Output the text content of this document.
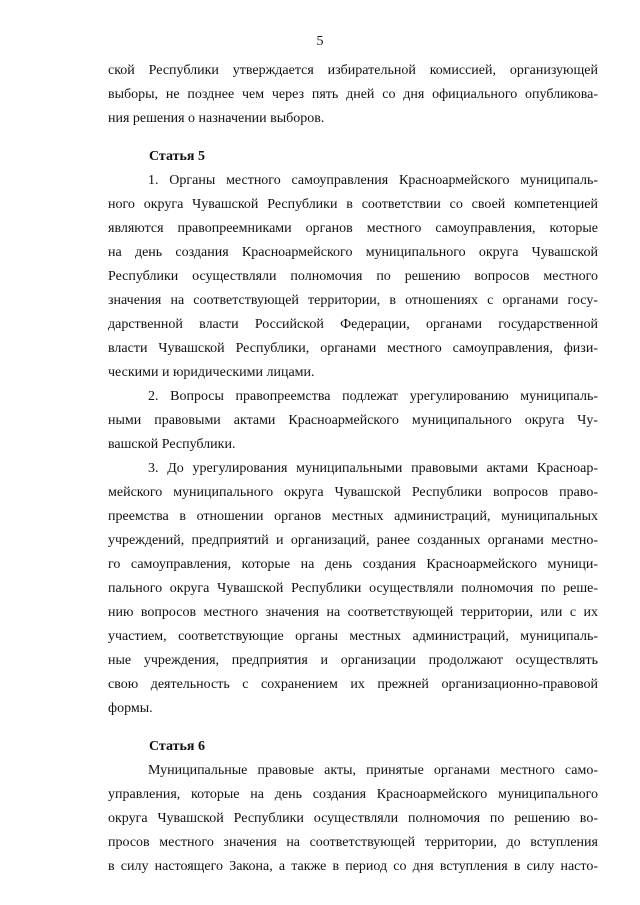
5
ской Республики утверждается избирательной комиссией, организующей
выборы, не позднее чем через пять дней со дня официального опубликова-
ния решения о назначении выборов.
Статья 5
1. Органы местного самоуправления Красноармейского муниципаль-
ного округа Чувашской Республики в соответствии со своей компетенцией
являются правопреемниками органов местного самоуправления, которые
на день создания Красноармейского муниципального округа Чувашской
Республики осуществляли полномочия по решению вопросов местного
значения на соответствующей территории, в отношениях с органами госу-
дарственной власти Российской Федерации, органами государственной
власти Чувашской Республики, органами местного самоуправления, физи-
ческими и юридическими лицами.
2. Вопросы правопреемства подлежат урегулированию муниципаль-
ными правовыми актами Красноармейского муниципального округа Чу-
вашской Республики.
3. До урегулирования муниципальными правовыми актами Красноар-
мейского муниципального округа Чувашской Республики вопросов право-
преемства в отношении органов местных администраций, муниципальных
учреждений, предприятий и организаций, ранее созданных органами местно-
го самоуправления, которые на день создания Красноармейского муници-
пального округа Чувашской Республики осуществляли полномочия по реше-
нию вопросов местного значения на соответствующей территории, или с их
участием, соответствующие органы местных администраций, муниципаль-
ные учреждения, предприятия и организации продолжают осуществлять
свою деятельность с сохранением их прежней организационно-правовой
формы.
Статья 6
Муниципальные правовые акты, принятые органами местного само-
управления, которые на день создания Красноармейского муниципального
округа Чувашской Республики осуществляли полномочия по решению во-
просов местного значения на соответствующей территории, до вступления
в силу настоящего Закона, а также в период со дня вступления в силу насто-
